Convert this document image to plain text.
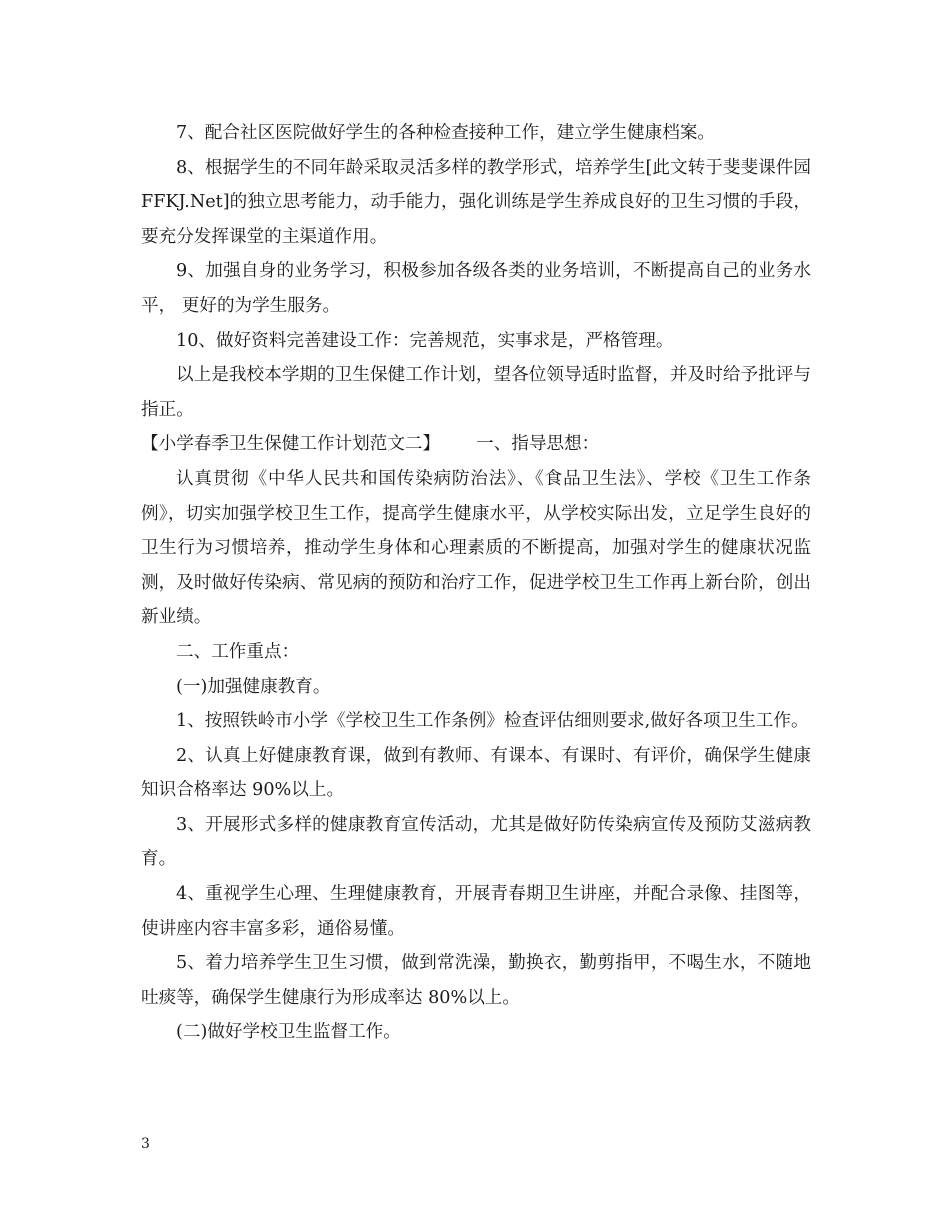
7、配合社区医院做好学生的各种检查接种工作，建立学生健康档案。

8、根据学生的不同年龄采取灵活多样的教学形式，培养学生[此文转于斐斐课件园 FFKJ.Net]的独立思考能力，动手能力，强化训练是学生养成良好的卫生习惯的手段，要充分发挥课堂的主渠道作用。

9、加强自身的业务学习，积极参加各级各类的业务培训，不断提高自己的业务水平， 更好的为学生服务。

10、做好资料完善建设工作：完善规范，实事求是，严格管理。

以上是我校本学期的卫生保健工作计划，望各位领导适时监督，并及时给予批评与指正。

【小学春季卫生保健工作计划范文二】 一、指导思想：

认真贯彻《中华人民共和国传染病防治法》、《食品卫生法》、学校《卫生工作条例》，切实加强学校卫生工作，提高学生健康水平，从学校实际出发，立足学生良好的卫生行为习惯培养，推动学生身体和心理素质的不断提高，加强对学生的健康状况监测，及时做好传染病、常见病的预防和治疗工作，促进学校卫生工作再上新台阶，创出新业绩。

二、工作重点：

(一)加强健康教育。

1、按照铁岭市小学《学校卫生工作条例》检查评估细则要求,做好各项卫生工作。

2、认真上好健康教育课，做到有教师、有课本、有课时、有评价，确保学生健康知识合格率达 90%以上。

3、开展形式多样的健康教育宣传活动，尤其是做好防传染病宣传及预防艾滋病教育。

4、重视学生心理、生理健康教育，开展青春期卫生讲座，并配合录像、挂图等，使讲座内容丰富多彩，通俗易懂。

5、着力培养学生卫生习惯，做到常洗澡，勤换衣，勤剪指甲，不喝生水，不随地吐痰等，确保学生健康行为形成率达 80%以上。

(二)做好学校卫生监督工作。

3
